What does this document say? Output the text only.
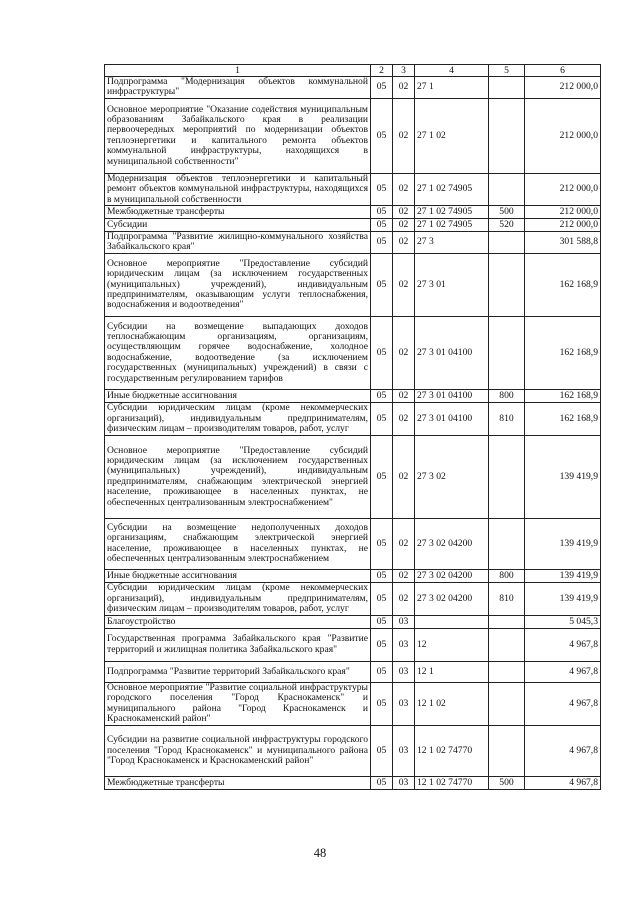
1	2	3	4	5	6
Подпрограмма "Модернизация объектов коммунальной инфраструктуры"	05	02	27 1		212 000,0
Основное мероприятие "Оказание содействия муниципальным образованиям Забайкальского края в реализации первоочередных мероприятий по модернизации объектов теплоэнергетики и капитального ремонта объектов коммунальной инфраструктуры, находящихся в муниципальной собственности"	05	02	27 1 02		212 000,0
Модернизация объектов теплоэнергетики и капитальный ремонт объектов коммунальной инфраструктуры, находящихся в муниципальной собственности	05	02	27 1 02 74905		212 000,0
Межбюджетные трансферты	05	02	27 1 02 74905	500	212 000,0
Субсидии	05	02	27 1 02 74905	520	212 000,0
Подпрограмма "Развитие жилищно-коммунального хозяйства Забайкальского края"	05	02	27 3		301 588,8
Основное мероприятие "Предоставление субсидий юридическим лицам (за исключением государственных (муниципальных) учреждений), индивидуальным предпринимателям, оказывающим услуги теплоснабжения, водоснабжения и водоотведения"	05	02	27 3 01		162 168,9
Субсидии на возмещение выпадающих доходов теплоснабжающим организациям, организациям, осуществляющим горячее водоснабжение, холодное водоснабжение, водоотведение (за исключением государственных (муниципальных) учреждений) в связи с государственным регулированием тарифов	05	02	27 3 01 04100		162 168,9
Иные бюджетные ассигнования	05	02	27 3 01 04100	800	162 168,9
Субсидии юридическим лицам (кроме некоммерческих организаций), индивидуальным предпринимателям, физическим лицам – производителям товаров, работ, услуг	05	02	27 3 01 04100	810	162 168,9
Основное мероприятие "Предоставление субсидий юридическим лицам (за исключением государственных (муниципальных) учреждений), индивидуальным предпринимателям, снабжающим электрической энергией население, проживающее в населенных пунктах, не обеспеченных централизованным электроснабжением"	05	02	27 3 02		139 419,9
Субсидии на возмещение недополученных доходов организациям, снабжающим электрической энергией население, проживающее в населенных пунктах, не обеспеченных централизованным электроснабжением	05	02	27 3 02 04200		139 419,9
Иные бюджетные ассигнования	05	02	27 3 02 04200	800	139 419,9
Субсидии юридическим лицам (кроме некоммерческих организаций), индивидуальным предпринимателям, физическим лицам – производителям товаров, работ, услуг	05	02	27 3 02 04200	810	139 419,9
Благоустройство	05	03			5 045,3
Государственная программа Забайкальского края "Развитие территорий и жилищная политика Забайкальского края"	05	03	12		4 967,8
Подпрограмма "Развитие территорий Забайкальского края"	05	03	12 1		4 967,8
Основное мероприятие "Развитие социальной инфраструктуры городского поселения "Город Краснокаменск" и муниципального района "Город Краснокаменск и Краснокаменский район"	05	03	12 1 02		4 967,8
Субсидии на развитие социальной инфраструктуры городского поселения "Город Краснокаменск" и муниципального района "Город Краснокаменск и Краснокаменский район"	05	03	12 1 02 74770		4 967,8
Межбюджетные трансферты	05	03	12 1 02 74770	500	4 967,8
48
